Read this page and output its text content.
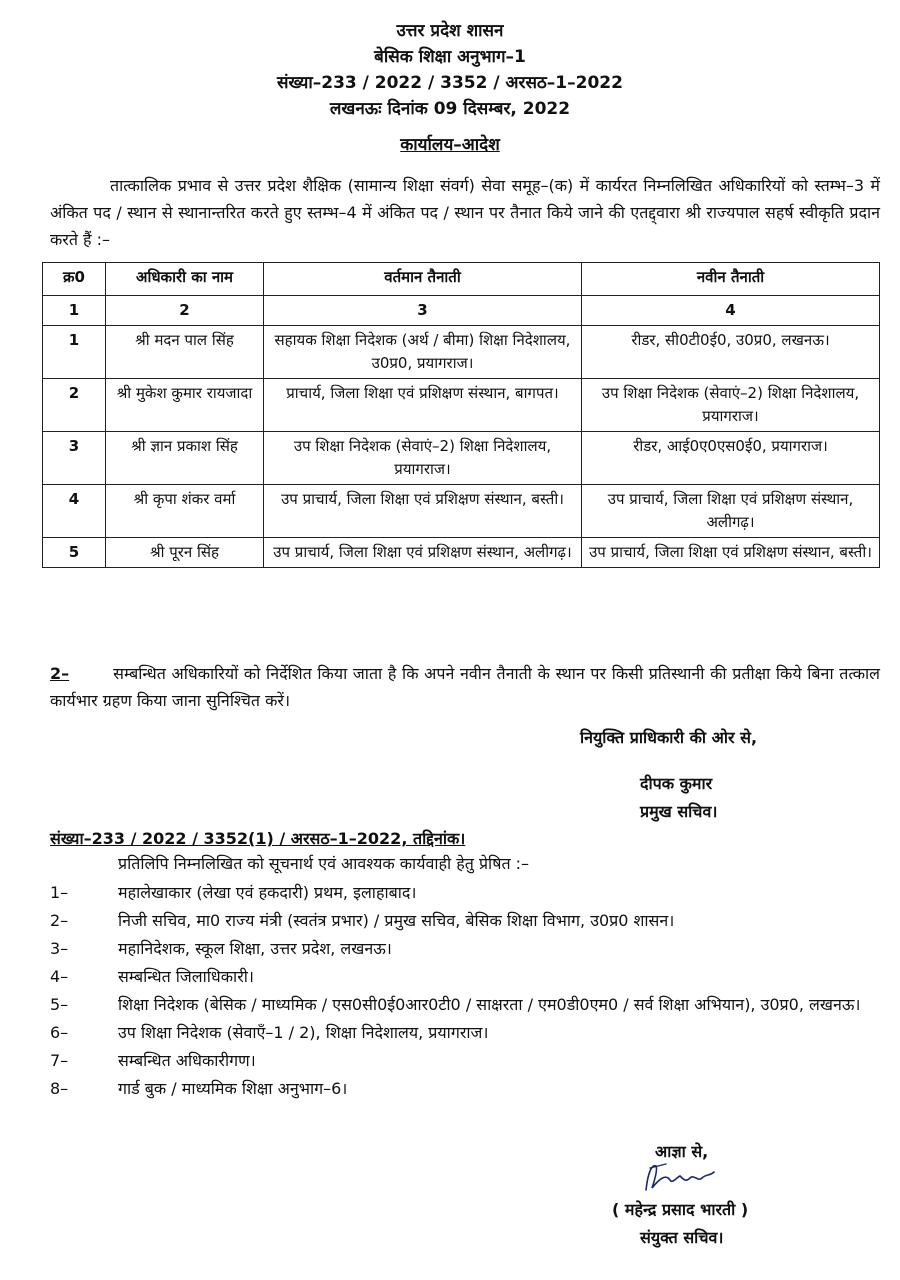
उत्तर प्रदेश शासन
बेसिक शिक्षा अनुभाग–1
संख्या–233 / 2022 / 3352 / अरसठ–1–2022
लखनऊः दिनांक 09 दिसम्बर, 2022
कार्यालय–आदेश
तात्कालिक प्रभाव से उत्तर प्रदेश शैक्षिक (सामान्य शिक्षा संवर्ग) सेवा समूह–(क) में कार्यरत निम्नलिखित अधिकारियों को स्तम्भ–3 में अंकित पद / स्थान से स्थानान्तरित करते हुए स्तम्भ–4 में अंकित पद / स्थान पर तैनात किये जाने की एतद्द्वारा श्री राज्यपाल सहर्ष स्वीकृति प्रदान करते हैं :–
क्र0	अधिकारी का नाम	वर्तमान तैनाती	नवीन तैनाती
1	2	3	4
1	श्री मदन पाल सिंह	सहायक शिक्षा निदेशक (अर्थ / बीमा) शिक्षा निदेशालय, उ0प्र0, प्रयागराज।	रीडर, सी0टी0ई0, उ0प्र0, लखनऊ।
2	श्री मुकेश कुमार रायजादा	प्राचार्य, जिला शिक्षा एवं प्रशिक्षण संस्थान, बागपत।	उप शिक्षा निदेशक (सेवाएं–2) शिक्षा निदेशालय, प्रयागराज।
3	श्री ज्ञान प्रकाश सिंह	उप शिक्षा निदेशक (सेवाएं–2) शिक्षा निदेशालय, प्रयागराज।	रीडर, आई0ए0एस0ई0, प्रयागराज।
4	श्री कृपा शंकर वर्मा	उप प्राचार्य, जिला शिक्षा एवं प्रशिक्षण संस्थान, बस्ती।	उप प्राचार्य, जिला शिक्षा एवं प्रशिक्षण संस्थान, अलीगढ़।
5	श्री पूरन सिंह	उप प्राचार्य, जिला शिक्षा एवं प्रशिक्षण संस्थान, अलीगढ़।	उप प्राचार्य, जिला शिक्षा एवं प्रशिक्षण संस्थान, बस्ती।
2–	सम्बन्धित अधिकारियों को निर्देशित किया जाता है कि अपने नवीन तैनाती के स्थान पर किसी प्रतिस्थानी की प्रतीक्षा किये बिना तत्काल कार्यभार ग्रहण किया जाना सुनिश्चित करें।
नियुक्ति प्राधिकारी की ओर से,
दीपक कुमार
प्रमुख सचिव।
संख्या–233 / 2022 / 3352(1) / अरसठ–1–2022, तद्दिनांक।
प्रतिलिपि निम्नलिखित को सूचनार्थ एवं आवश्यक कार्यवाही हेतु प्रेषित :–
1–	महालेखाकार (लेखा एवं हकदारी) प्रथम, इलाहाबाद।
2–	निजी सचिव, मा0 राज्य मंत्री (स्वतंत्र प्रभार) / प्रमुख सचिव, बेसिक शिक्षा विभाग, उ0प्र0 शासन।
3–	महानिदेशक, स्कूल शिक्षा, उत्तर प्रदेश, लखनऊ।
4–	सम्बन्धित जिलाधिकारी।
5–	शिक्षा निदेशक (बेसिक / माध्यमिक / एस0सी0ई0आर0टी0 / साक्षरता / एम0डी0एम0 / सर्व शिक्षा अभियान), उ0प्र0, लखनऊ।
6–	उप शिक्षा निदेशक (सेवाएँ–1 / 2), शिक्षा निदेशालय, प्रयागराज।
7–	सम्बन्धित अधिकारीगण।
8–	गार्ड बुक / माध्यमिक शिक्षा अनुभाग–6।
आज्ञा से,
( महेन्द्र प्रसाद भारती )
संयुक्त सचिव।
